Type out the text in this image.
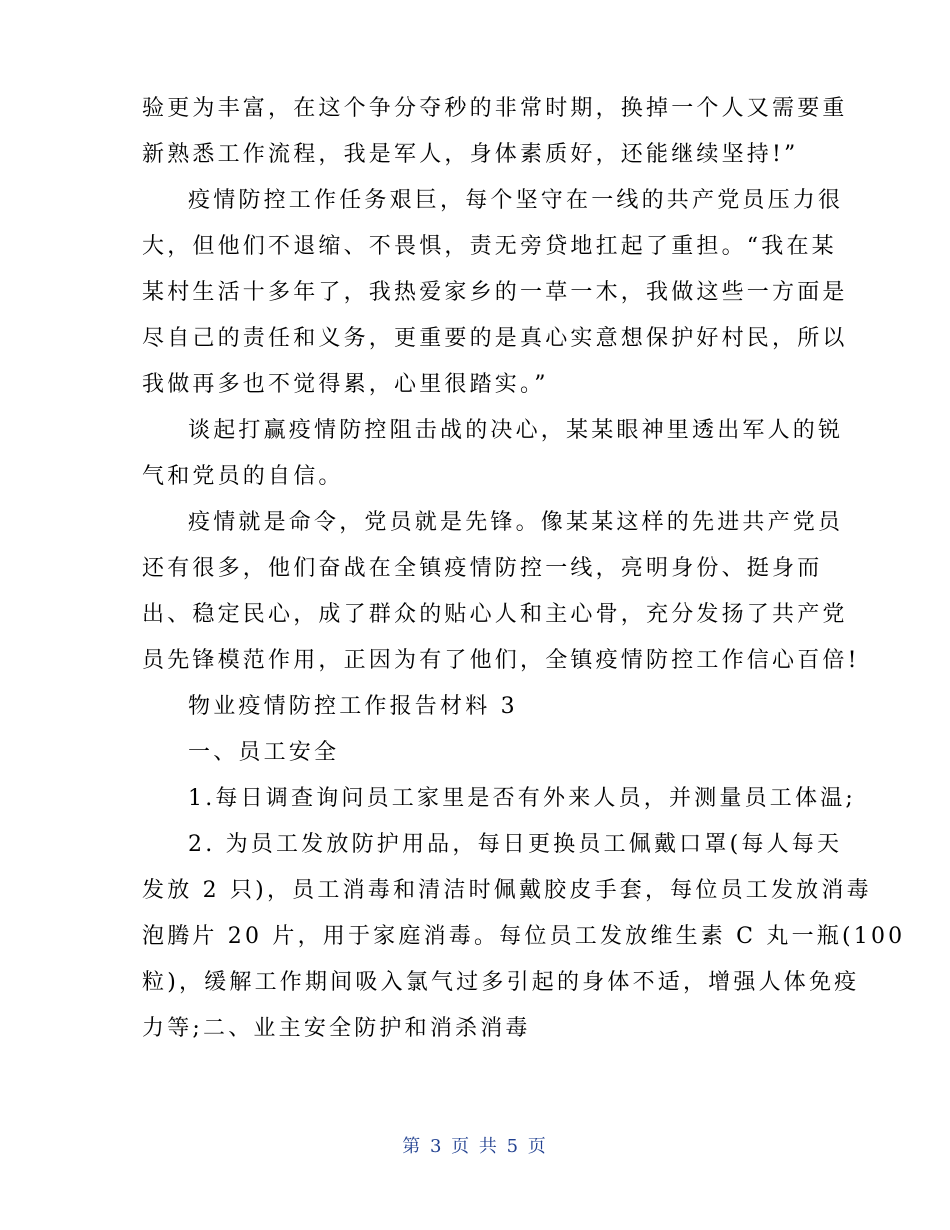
验更为丰富，在这个争分夺秒的非常时期，换掉一个人又需要重
新熟悉工作流程，我是军人，身体素质好，还能继续坚持!”
疫情防控工作任务艰巨，每个坚守在一线的共产党员压力很
大，但他们不退缩、不畏惧，责无旁贷地扛起了重担。“我在某
某村生活十多年了，我热爱家乡的一草一木，我做这些一方面是
尽自己的责任和义务，更重要的是真心实意想保护好村民，所以
我做再多也不觉得累，心里很踏实。”
谈起打赢疫情防控阻击战的决心，某某眼神里透出军人的锐
气和党员的自信。
疫情就是命令，党员就是先锋。像某某这样的先进共产党员
还有很多，他们奋战在全镇疫情防控一线，亮明身份、挺身而
出、稳定民心，成了群众的贴心人和主心骨，充分发扬了共产党
员先锋模范作用，正因为有了他们，全镇疫情防控工作信心百倍!
物业疫情防控工作报告材料 3
一、员工安全
1.每日调查询问员工家里是否有外来人员，并测量员工体温;
2. 为员工发放防护用品，每日更换员工佩戴口罩(每人每天
发放 2 只)，员工消毒和清洁时佩戴胶皮手套，每位员工发放消毒
泡腾片 20 片，用于家庭消毒。每位员工发放维生素 C 丸一瓶(100
粒)，缓解工作期间吸入氯气过多引起的身体不适，增强人体免疫
力等;二、业主安全防护和消杀消毒
第 3 页 共 5 页
